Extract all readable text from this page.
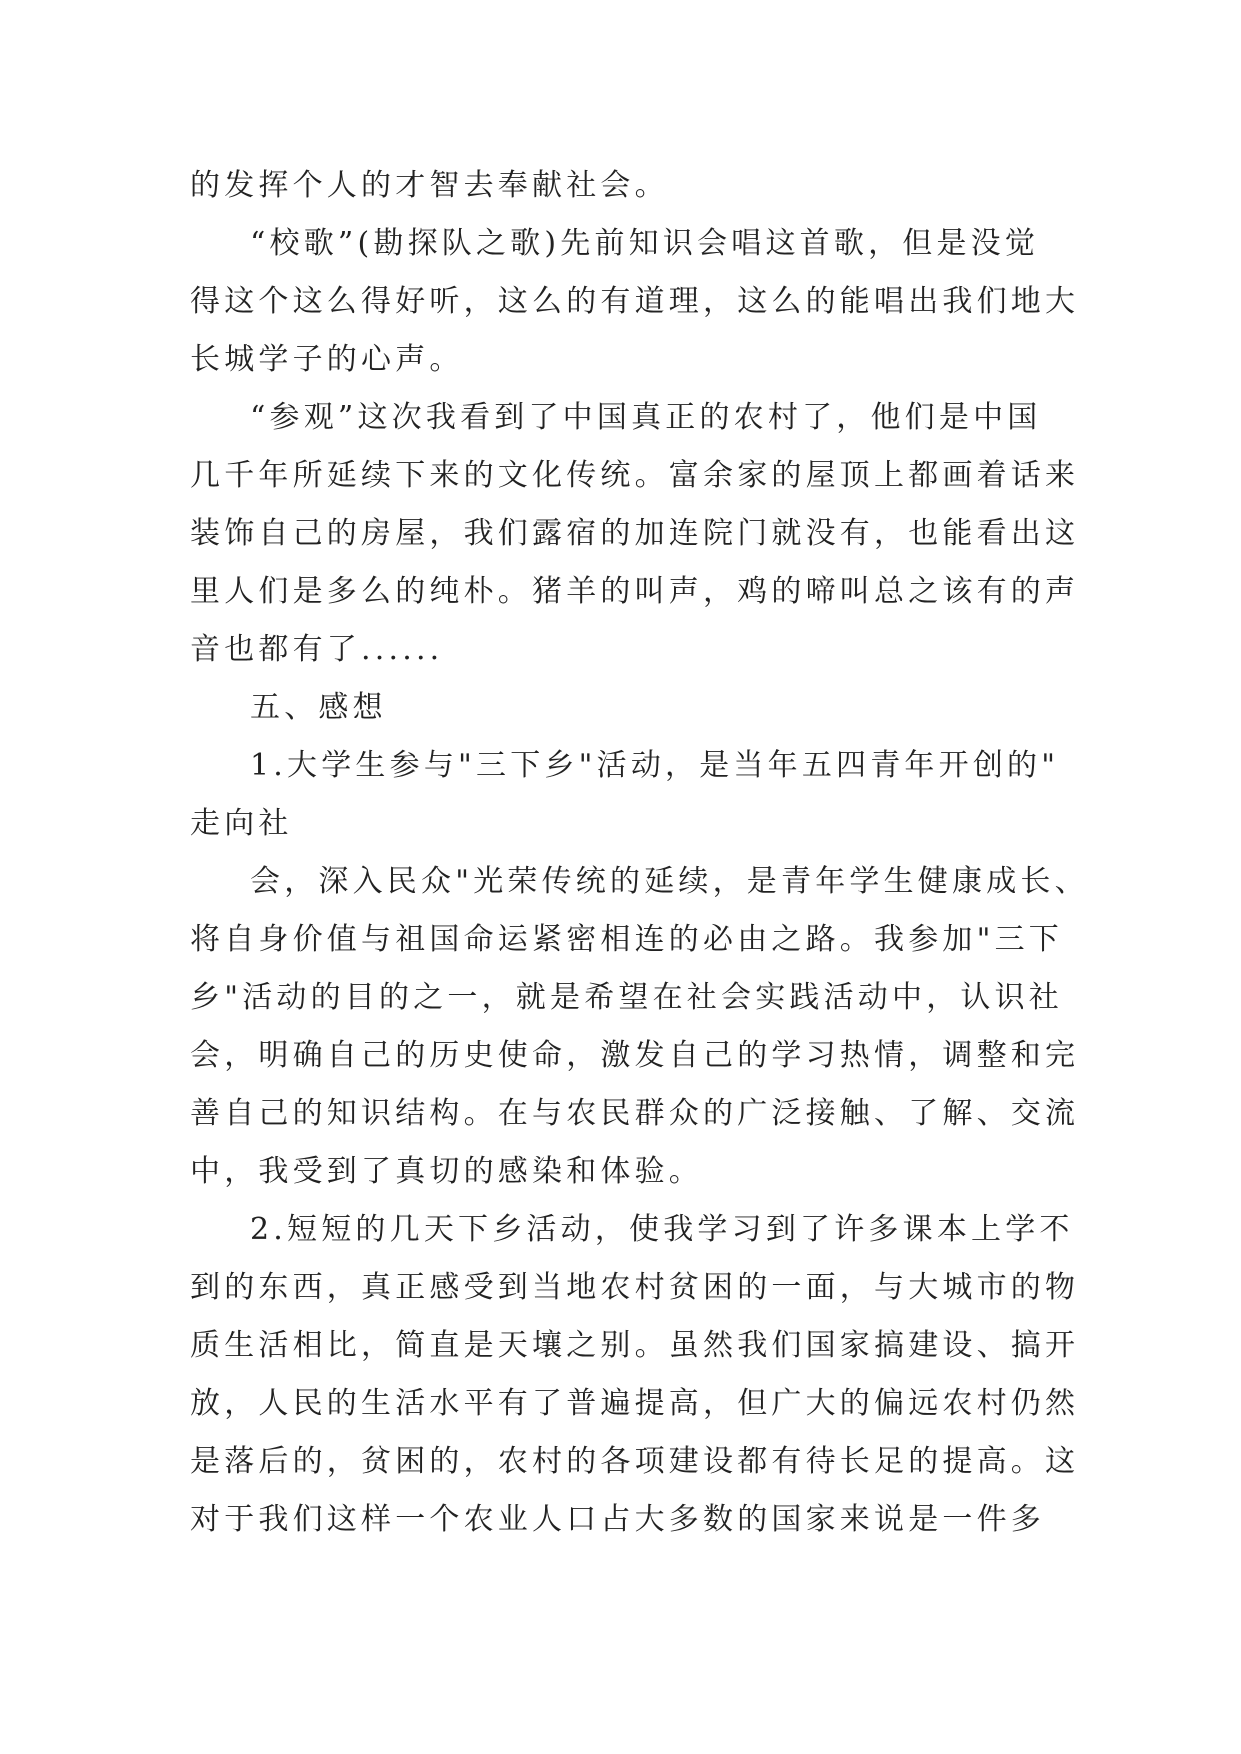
的发挥个人的才智去奉献社会。
“校歌”(勘探队之歌)先前知识会唱这首歌，但是没觉
得这个这么得好听，这么的有道理，这么的能唱出我们地大
长城学子的心声。
“参观”这次我看到了中国真正的农村了，他们是中国
几千年所延续下来的文化传统。富余家的屋顶上都画着话来
装饰自己的房屋，我们露宿的加连院门就没有，也能看出这
里人们是多么的纯朴。猪羊的叫声，鸡的啼叫总之该有的声
音也都有了......
五、感想
1.大学生参与"三下乡"活动，是当年五四青年开创的"
走向社
会，深入民众"光荣传统的延续，是青年学生健康成长、
将自身价值与祖国命运紧密相连的必由之路。我参加"三下
乡"活动的目的之一，就是希望在社会实践活动中，认识社
会，明确自己的历史使命，激发自己的学习热情，调整和完
善自己的知识结构。在与农民群众的广泛接触、了解、交流
中，我受到了真切的感染和体验。
2.短短的几天下乡活动，使我学习到了许多课本上学不
到的东西，真正感受到当地农村贫困的一面，与大城市的物
质生活相比，简直是天壤之别。虽然我们国家搞建设、搞开
放，人民的生活水平有了普遍提高，但广大的偏远农村仍然
是落后的，贫困的，农村的各项建设都有待长足的提高。这
对于我们这样一个农业人口占大多数的国家来说是一件多
